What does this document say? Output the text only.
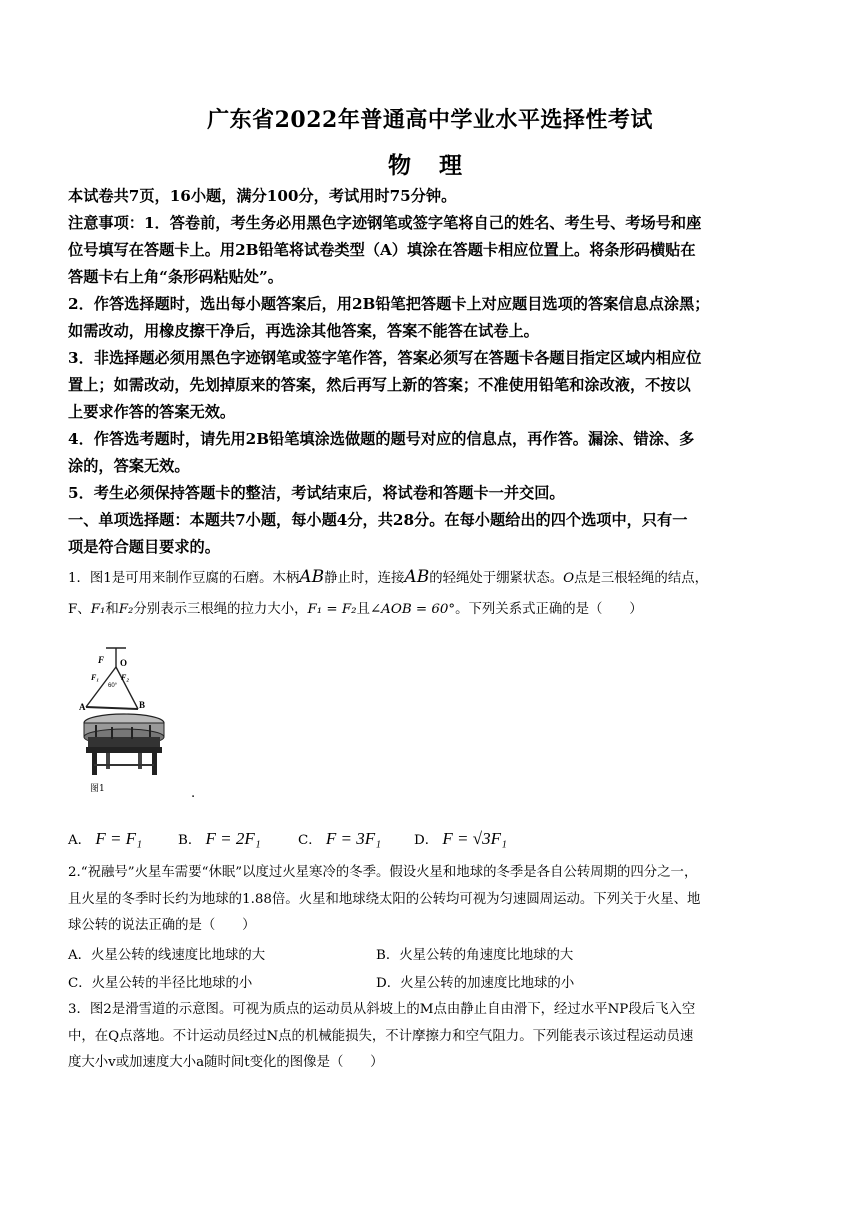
广东省2022年普通高中学业水平选择性考试
物 理
本试卷共7页，16小题，满分100分，考试用时75分钟。
注意事项：1．答卷前，考生务必用黑色字迹钢笔或签字笔将自己的姓名、考生号、考场号和座
位号填写在答题卡上。用2B铅笔将试卷类型（A）填涂在答题卡相应位置上。将条形码横贴在
答题卡右上角“条形码粘贴处”。
2．作答选择题时，选出每小题答案后，用2B铅笔把答题卡上对应题目选项的答案信息点涂黑；
如需改动，用橡皮擦干净后，再选涂其他答案，答案不能答在试卷上。
3．非选择题必须用黑色字迹钢笔或签字笔作答，答案必须写在答题卡各题目指定区域内相应位
置上；如需改动，先划掉原来的答案，然后再写上新的答案；不准使用铅笔和涂改液，不按以
上要求作答的答案无效。
4．作答选考题时，请先用2B铅笔填涂选做题的题号对应的信息点，再作答。漏涂、错涂、多
涂的，答案无效。
5．考生必须保持答题卡的整洁，考试结束后，将试卷和答题卡一并交回。
一、单项选择题：本题共7小题，每小题4分，共28分。在每小题给出的四个选项中，只有一
项是符合题目要求的。
1．图1是可用来制作豆腐的石磨。木柄AB静止时，连接AB的轻绳处于绷紧状态。O点是三根轻绳的结点，
F、F₁和F₂分别表示三根绳的拉力大小，F₁ = F₂且∠AOB = 60°。下列关系式正确的是（　　）
F O
F₁	F₂
60°
A	B
图1	.
A． F = F₁	B． F = 2F₁	C． F = 3F₁ D． F = √3F₁
2.“祝融号”火星车需要“休眠”以度过火星寒冷的冬季。假设火星和地球的冬季是各自公转周期的四分之一，
且火星的冬季时长约为地球的1.88倍。火星和地球绕太阳的公转均可视为匀速圆周运动。下列关于火星、地
球公转的说法正确的是（　　）
A．火星公转的线速度比地球的大	B．火星公转的角速度比地球的大
C．火星公转的半径比地球的小	D．火星公转的加速度比地球的小
3．图2是滑雪道的示意图。可视为质点的运动员从斜坡上的M点由静止自由滑下，经过水平NP段后飞入空
中，在Q点落地。不计运动员经过N点的机械能损失，不计摩擦力和空气阻力。下列能表示该过程运动员速
度大小v或加速度大小a随时间t变化的图像是（　　）
